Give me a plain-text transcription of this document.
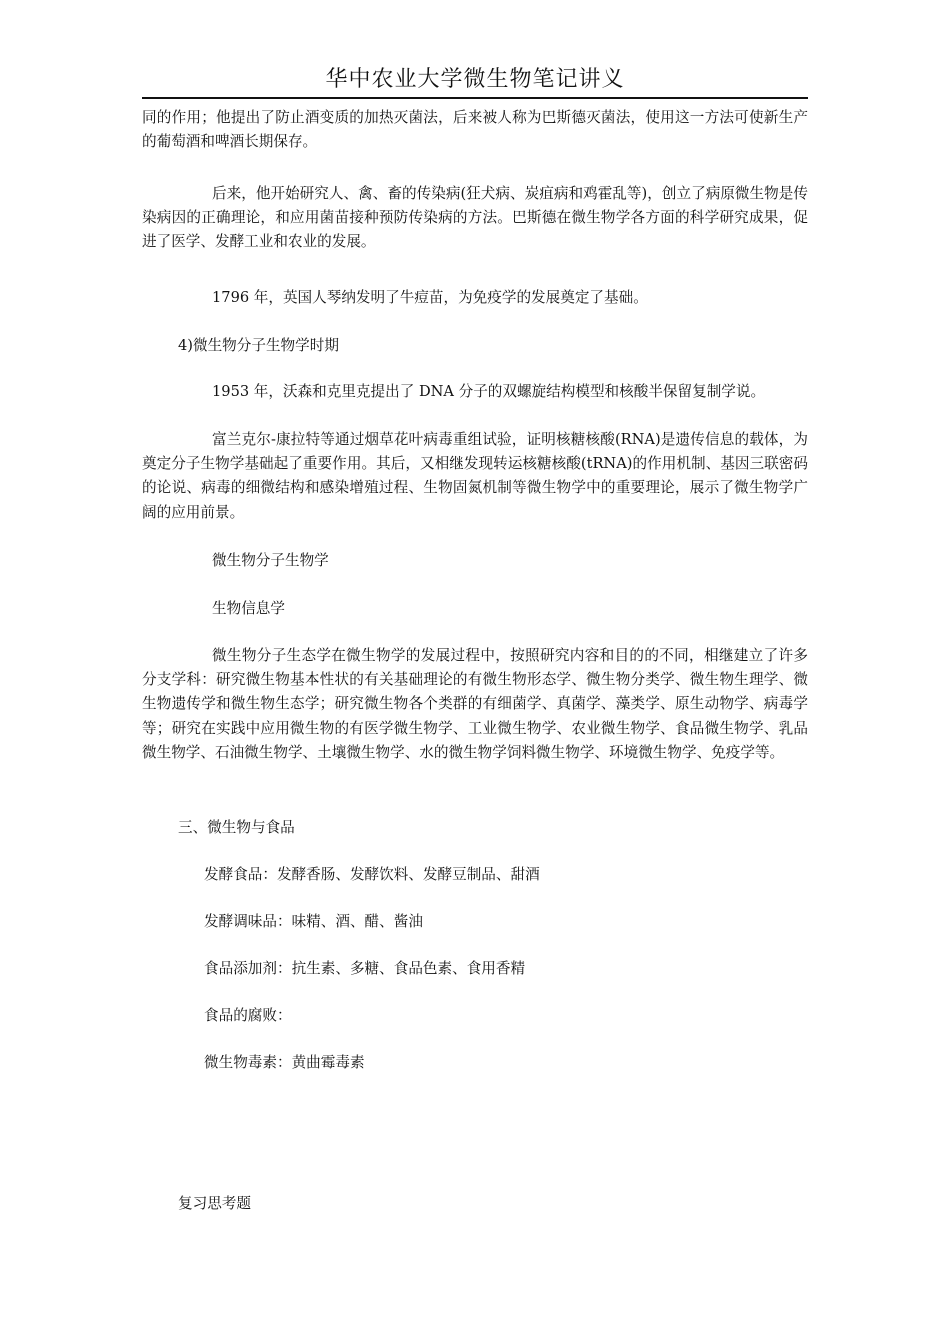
华中农业大学微生物笔记讲义

同的作用；他提出了防止酒变质的加热灭菌法，后来被人称为巴斯德灭菌法，使用这一方法可使新生产的葡萄酒和啤酒长期保存。

后来，他开始研究人、禽、畜的传染病(狂犬病、炭疽病和鸡霍乱等)，创立了病原微生物是传染病因的正确理论，和应用菌苗接种预防传染病的方法。巴斯德在微生物学各方面的科学研究成果，促进了医学、发酵工业和农业的发展。

1796 年，英国人琴纳发明了牛痘苗，为免疫学的发展奠定了基础。

4)微生物分子生物学时期

1953 年，沃森和克里克提出了 DNA 分子的双螺旋结构模型和核酸半保留复制学说。

富兰克尔-康拉特等通过烟草花叶病毒重组试验，证明核糖核酸(RNA)是遗传信息的载体，为奠定分子生物学基础起了重要作用。其后，又相继发现转运核糖核酸(tRNA)的作用机制、基因三联密码的论说、病毒的细微结构和感染增殖过程、生物固氮机制等微生物学中的重要理论，展示了微生物学广阔的应用前景。

微生物分子生物学

生物信息学

微生物分子生态学在微生物学的发展过程中，按照研究内容和目的的不同，相继建立了许多分支学科：研究微生物基本性状的有关基础理论的有微生物形态学、微生物分类学、微生物生理学、微生物遗传学和微生物生态学；研究微生物各个类群的有细菌学、真菌学、藻类学、原生动物学、病毒学等；研究在实践中应用微生物的有医学微生物学、工业微生物学、农业微生物学、食品微生物学、乳品微生物学、石油微生物学、土壤微生物学、水的微生物学饲料微生物学、环境微生物学、免疫学等。

三、微生物与食品

发酵食品：发酵香肠、发酵饮料、发酵豆制品、甜酒

发酵调味品：味精、酒、醋、酱油

食品添加剂：抗生素、多糖、食品色素、食用香精

食品的腐败：

微生物毒素：黄曲霉毒素

复习思考题
